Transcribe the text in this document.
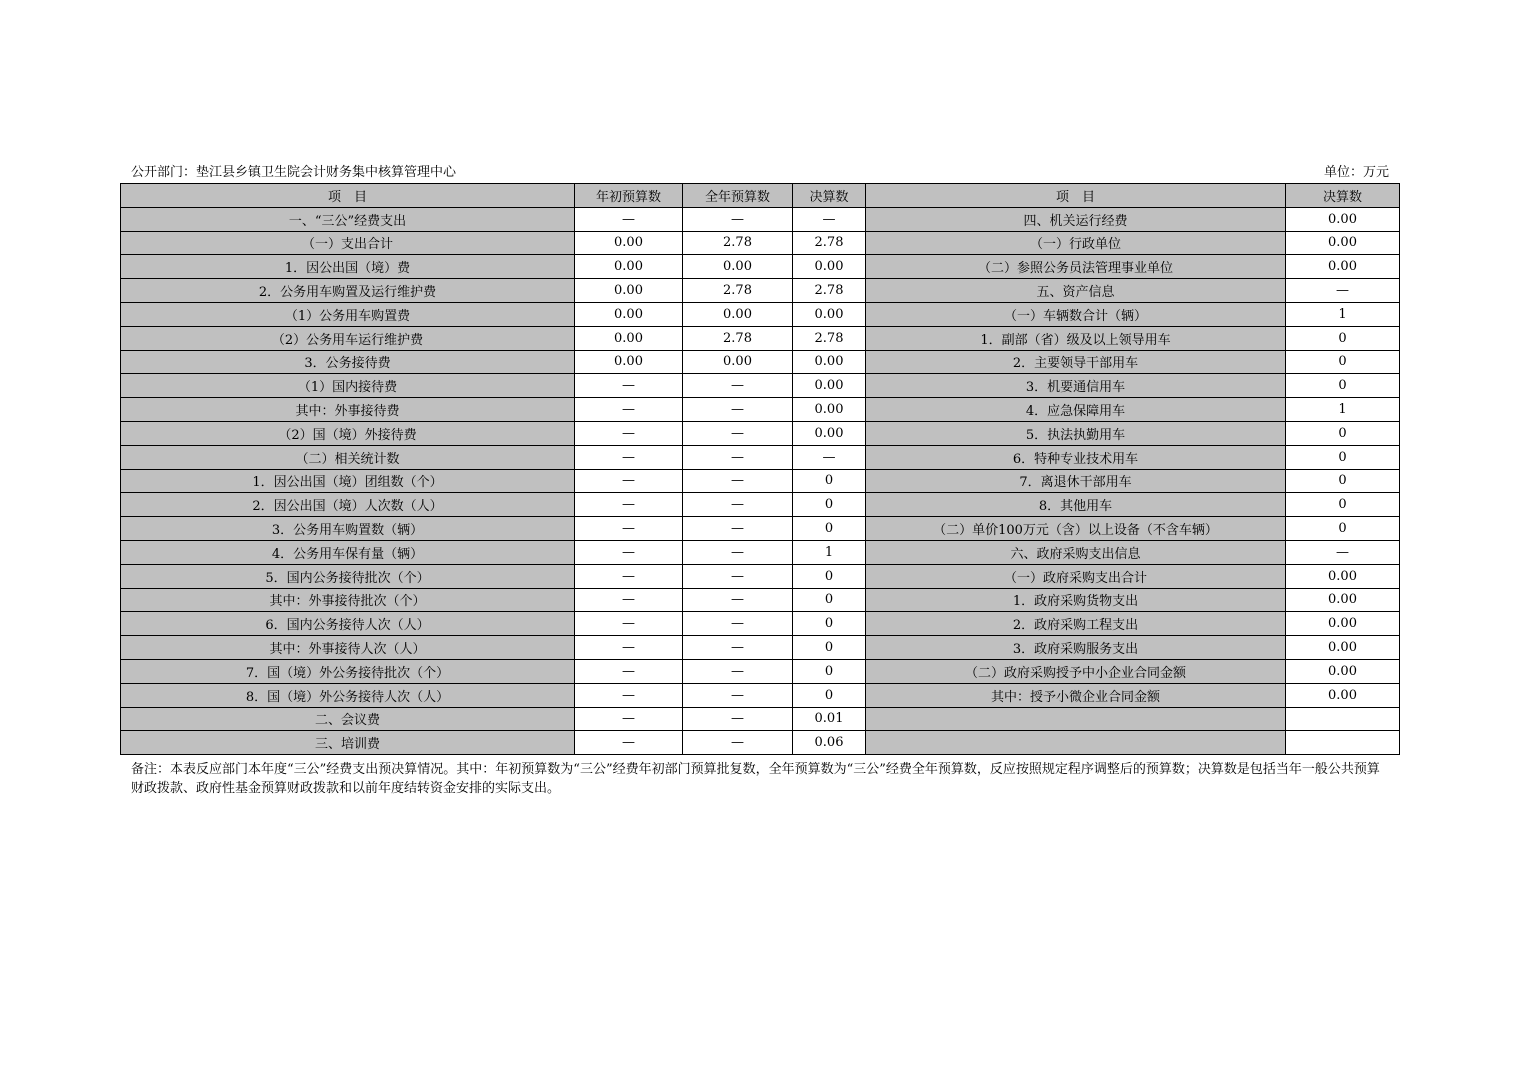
公开部门：垫江县乡镇卫生院会计财务集中核算管理中心	单位：万元
项　目	年初预算数	全年预算数	决算数	项　目	决算数
一、“三公”经费支出	—	—	—	四、机关运行经费	0.00
（一）支出合计	0.00	2.78	2.78	（一）行政单位	0.00
1．因公出国（境）费	0.00	0.00	0.00	（二）参照公务员法管理事业单位	0.00
2．公务用车购置及运行维护费	0.00	2.78	2.78	五、资产信息	—
（1）公务用车购置费	0.00	0.00	0.00	（一）车辆数合计（辆）	1
（2）公务用车运行维护费	0.00	2.78	2.78	1．副部（省）级及以上领导用车	0
3．公务接待费	0.00	0.00	0.00	2．主要领导干部用车	0
（1）国内接待费	—	—	0.00	3．机要通信用车	0
其中：外事接待费	—	—	0.00	4．应急保障用车	1
（2）国（境）外接待费	—	—	0.00	5．执法执勤用车	0
（二）相关统计数	—	—	—	6．特种专业技术用车	0
1．因公出国（境）团组数（个）	—	—	0	7．离退休干部用车	0
2．因公出国（境）人次数（人）	—	—	0	8．其他用车	0
3．公务用车购置数（辆）	—	—	0	（二）单价100万元（含）以上设备（不含车辆）	0
4．公务用车保有量（辆）	—	—	1	六、政府采购支出信息	—
5．国内公务接待批次（个）	—	—	0	（一）政府采购支出合计	0.00
其中：外事接待批次（个）	—	—	0	1．政府采购货物支出	0.00
6．国内公务接待人次（人）	—	—	0	2．政府采购工程支出	0.00
其中：外事接待人次（人）	—	—	0	3．政府采购服务支出	0.00
7．国（境）外公务接待批次（个）	—	—	0	（二）政府采购授予中小企业合同金额	0.00
8．国（境）外公务接待人次（人）	—	—	0	其中：授予小微企业合同金额	0.00
二、会议费	—	—	0.01		
三、培训费	—	—	0.06		
备注：本表反应部门本年度“三公”经费支出预决算情况。其中：年初预算数为“三公”经费年初部门预算批复数，全年预算数为“三公”经费全年预算数，反应按照规定程序调整后的预算数；决算数是包括当年一般公共预算财政拨款、政府性基金预算财政拨款和以前年度结转资金安排的实际支出。
